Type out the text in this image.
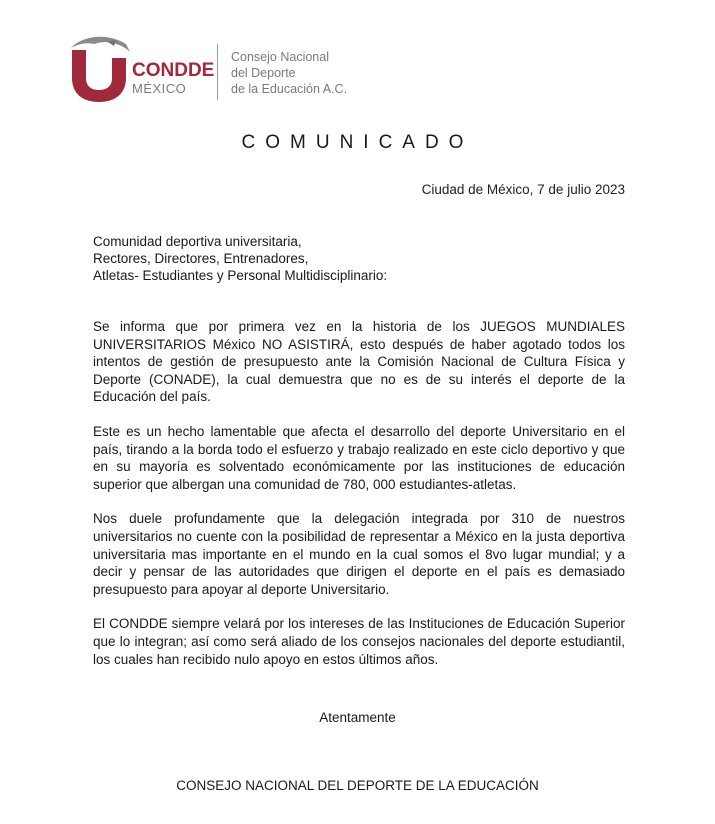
CONDDE
MÉXICO
Consejo Nacional
del Deporte
de la Educación A.C.
COMUNICADO
Ciudad de México, 7 de julio 2023
Comunidad deportiva universitaria,
Rectores, Directores, Entrenadores,
Atletas- Estudiantes y Personal Multidisciplinario:

Se informa que por primera vez en la historia de los JUEGOS MUNDIALES UNIVERSITARIOS México NO ASISTIRÁ, esto después de haber agotado todos los intentos de gestión de presupuesto ante la Comisión Nacional de Cultura Física y Deporte (CONADE), la cual demuestra que no es de su interés el deporte de la Educación del país.

Este es un hecho lamentable que afecta el desarrollo del deporte Universitario en el país, tirando a la borda todo el esfuerzo y trabajo realizado en este ciclo deportivo y que en su mayoría es solventado económicamente por las instituciones de educación superior que albergan una comunidad de 780, 000 estudiantes-atletas.

Nos duele profundamente que la delegación integrada por 310 de nuestros universitarios no cuente con la posibilidad de representar a México en la justa deportiva universitaria mas importante en el mundo en la cual somos el 8vo lugar mundial; y a decir y pensar de las autoridades que dirigen el deporte en el país es demasiado presupuesto para apoyar al deporte Universitario.

El CONDDE siempre velará por los intereses de las Instituciones de Educación Superior que lo integran; así como será aliado de los consejos nacionales del deporte estudiantil, los cuales han recibido nulo apoyo en estos últimos años.

Atentamente
CONSEJO NACIONAL DEL DEPORTE DE LA EDUCACIÓN
